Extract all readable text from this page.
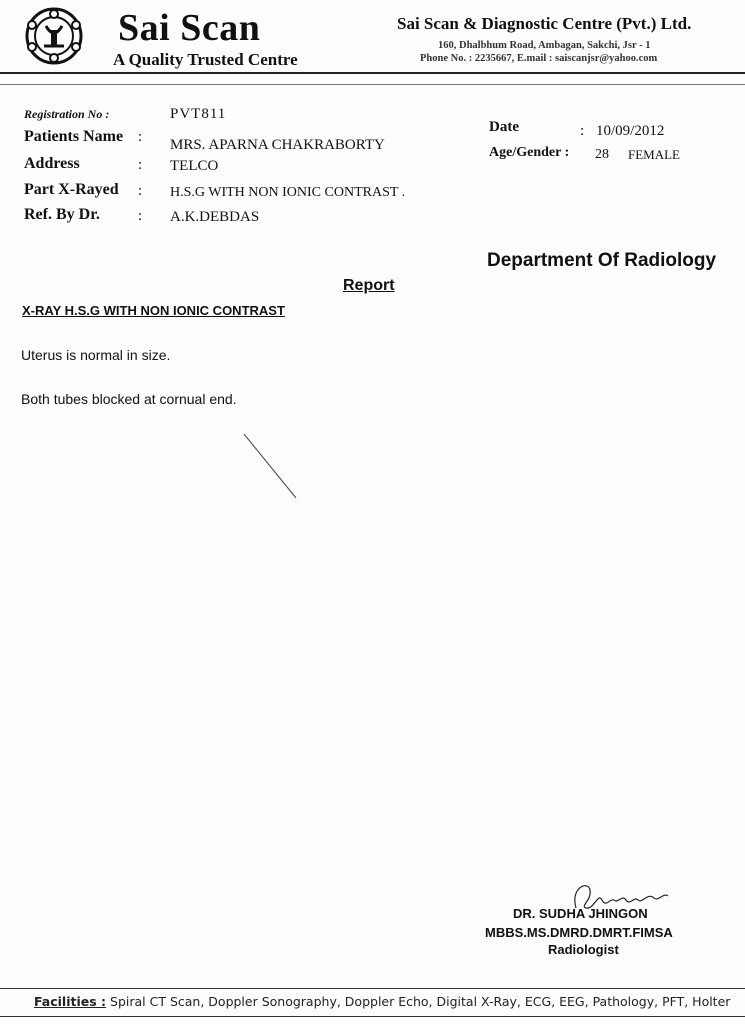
Sai Scan
A Quality Trusted Centre
Sai Scan & Diagnostic Centre (Pvt.) Ltd.
160, Dhalbhum Road, Ambagan, Sakchi, Jsr - 1
Phone No. : 2235667, E.mail : saiscanjsr@yahoo.com
Registration No :	PVT811
Patients Name : MRS. APARNA CHAKRABORTY
Address	: TELCO
Part X-Rayed : H.S.G WITH NON IONIC CONTRAST .
Ref. By Dr.	: A.K.DEBDAS
Date	: 10/09/2012
Age/Gender : 28 FEMALE
Department Of Radiology
Report
X-RAY H.S.G WITH NON IONIC CONTRAST
Uterus is normal in size.
Both tubes blocked at cornual end.
DR. SUDHA JHINGON
MBBS.MS.DMRD.DMRT.FIMSA
Radiologist
Facilities : Spiral CT Scan, Doppler Sonography, Doppler Echo, Digital X-Ray, ECG, EEG, Pathology, PFT, Holter
